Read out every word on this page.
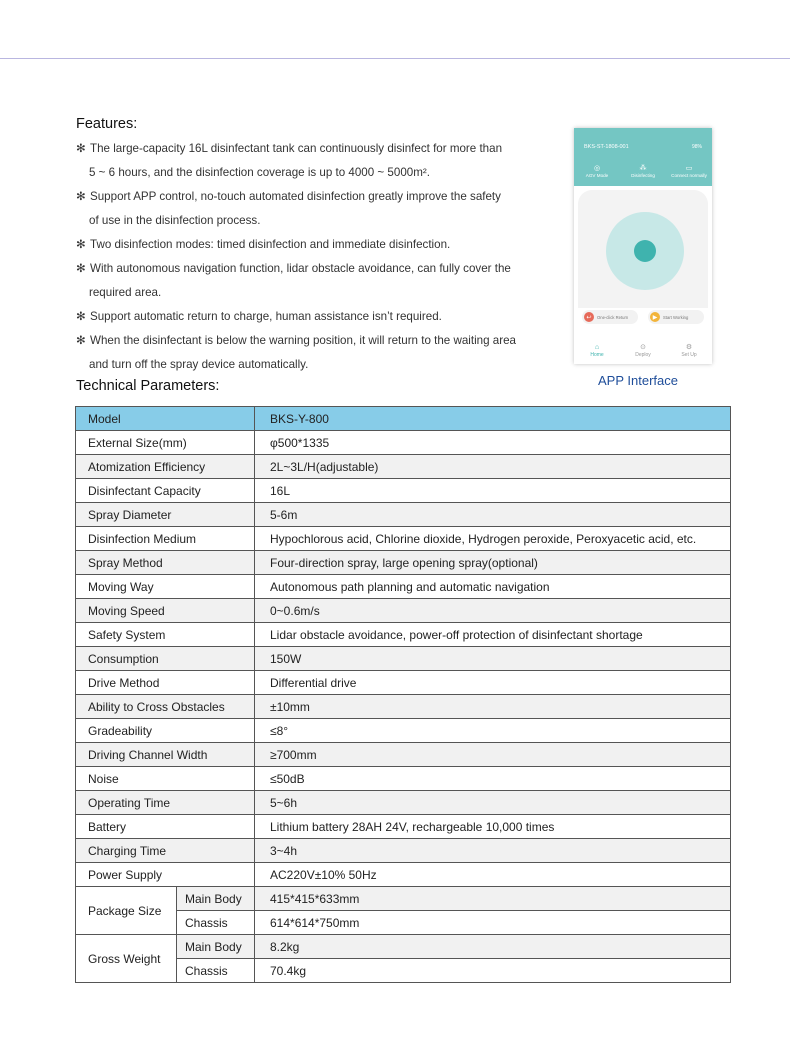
Features:
✻ The large-capacity 16L disinfectant tank can continuously disinfect for more than
5 ~ 6 hours, and the disinfection coverage is up to 4000 ~ 5000m².
✻ Support APP control, no-touch automated disinfection greatly improve the safety
of use in the disinfection process.
✻ Two disinfection modes: timed disinfection and immediate disinfection.
✻ With autonomous navigation function, lidar obstacle avoidance, can fully cover the
required area.
✻ Support automatic return to charge, human assistance isn’t required.
✻ When the disinfectant is below the warning position, it will return to the waiting area
and turn off the spray device automatically.
Technical Parameters:
BKS-ST-1808-001	98%
◎
AGV Mode
⁂
Disinfecting
▭
Connect normally
↩	One-click Return	▶	Start Working
⌂
Home
⊙
Deploy
⚙
Set Up
APP Interface
Model		BKS-Y-800
External Size(mm)		φ500*1335
Atomization Efficiency		2L~3L/H(adjustable)
Disinfectant Capacity		16L
Spray Diameter		5-6m
Disinfection Medium		Hypochlorous acid, Chlorine dioxide, Hydrogen peroxide, Peroxyacetic acid, etc.
Spray Method		Four-direction spray, large opening spray(optional)
Moving Way		Autonomous path planning and automatic navigation
Moving Speed		0~0.6m/s
Safety System		Lidar obstacle avoidance, power-off protection of disinfectant shortage
Consumption		150W
Drive Method		Differential drive
Ability to Cross Obstacles		±10mm
Gradeability		≤8°
Driving Channel Width		≥700mm
Noise		≤50dB
Operating Time		5~6h
Battery		Lithium battery 28AH 24V, rechargeable 10,000 times
Charging Time		3~4h
Power Supply		AC220V±10% 50Hz
Package Size	Main Body	415*415*633mm
	Chassis	614*614*750mm
Gross Weight	Main Body	8.2kg
	Chassis	70.4kg
